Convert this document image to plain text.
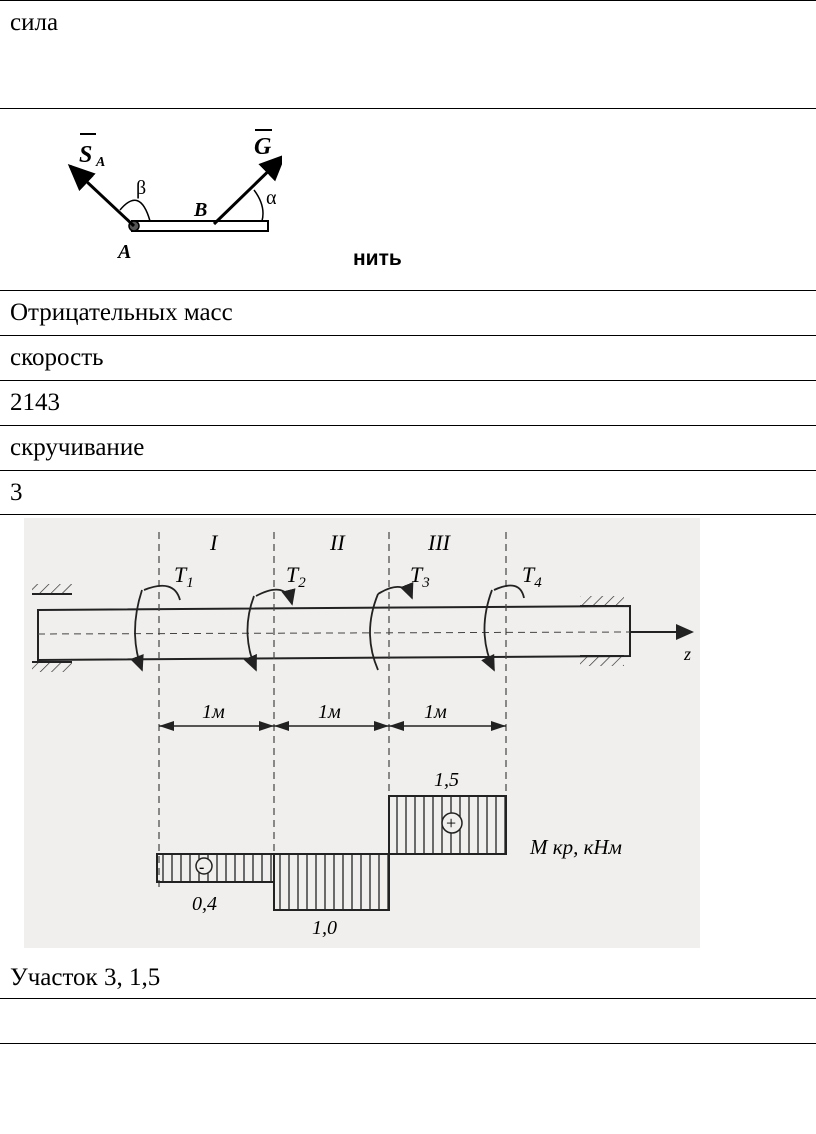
сила
S A
G
β	α
A
B
нить
Отрицательных масс
скорость
2143
скручивание
3
z
I	II	III
$T_1$	$T_2$	$T_3$	$T_4$
1м	1м	1м
-
+
0,4
1,0
1,5
М кр, кНм
Участок 3, 1,5
